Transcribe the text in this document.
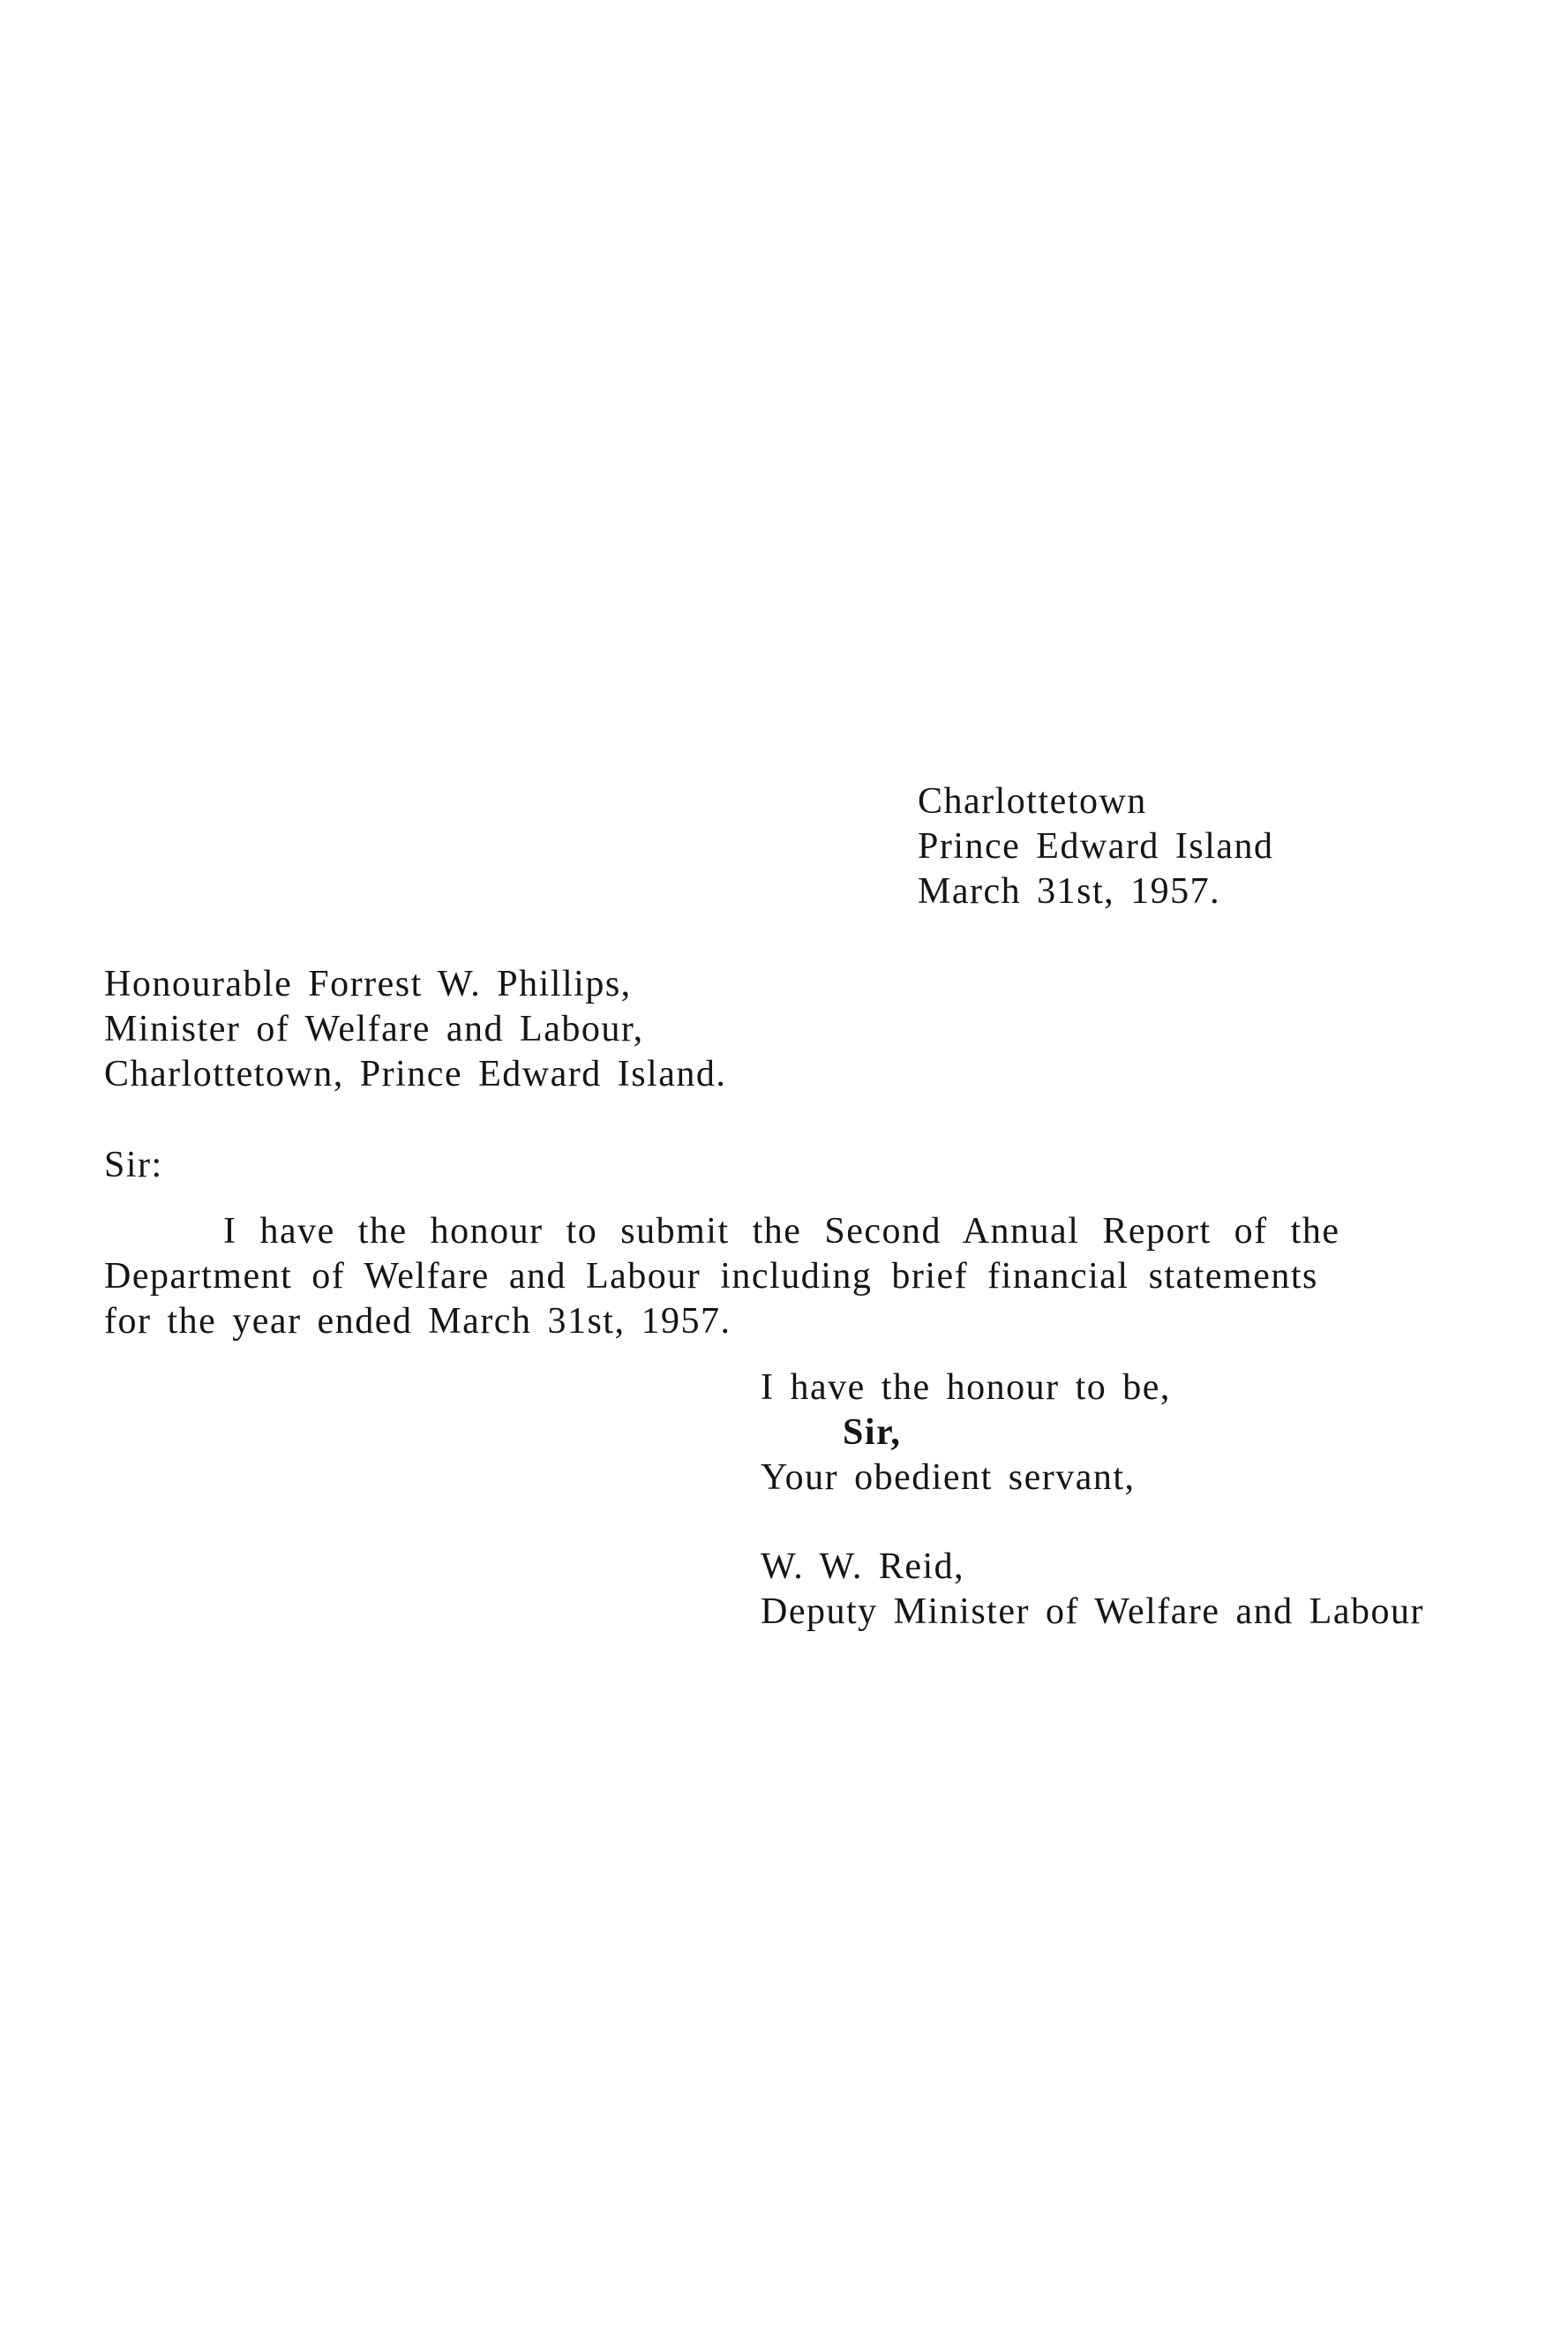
Charlottetown
Prince Edward Island
March 31st, 1957.
Honourable Forrest W. Phillips,
Minister of Welfare and Labour,
Charlottetown, Prince Edward Island.
Sir:
I have the honour to submit the Second Annual Report of the
Department of Welfare and Labour including brief financial statements
for the year ended March 31st, 1957.
I have the honour to be,
Sir,
Your obedient servant,
W. W. Reid,
Deputy Minister of Welfare and Labour
